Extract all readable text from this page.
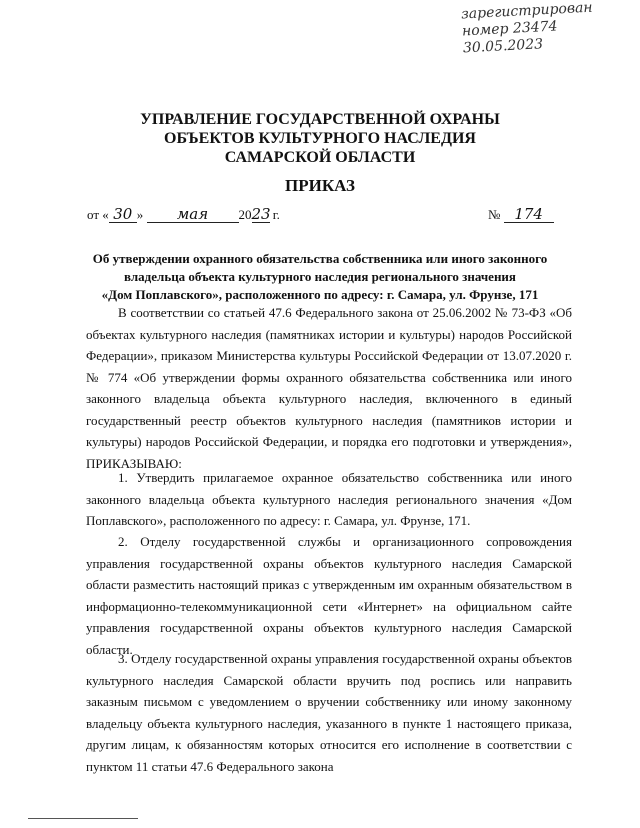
зарегистрирован
номер 23474
30.05.2023
УПРАВЛЕНИЕ ГОСУДАРСТВЕННОЙ ОХРАНЫ
ОБЪЕКТОВ КУЛЬТУРНОГО НАСЛЕДИЯ
САМАРСКОЙ ОБЛАСТИ
ПРИКАЗ
от « 30 » мая 2023 г.	№ 174
Об утверждении охранного обязательства собственника или иного законного
владельца объекта культурного наследия регионального значения
«Дом Поплавского», расположенного по адресу: г. Самара, ул. Фрунзе, 171

В соответствии со статьей 47.6 Федерального закона от 25.06.2002 № 73-ФЗ «Об объектах культурного наследия (памятниках истории и культуры) народов Российской Федерации», приказом Министерства культуры Российской Федерации от 13.07.2020 г. № 774 «Об утверждении формы охранного обязательства собственника или иного законного владельца объекта культурного наследия, включенного в единый государственный реестр объектов культурного наследия (памятников истории и культуры) народов Российской Федерации, и порядка его подготовки и утверждения», ПРИКАЗЫВАЮ:

1. Утвердить прилагаемое охранное обязательство собственника или иного законного владельца объекта культурного наследия регионального значения «Дом Поплавского», расположенного по адресу: г. Самара, ул. Фрунзе, 171.

2. Отделу государственной службы и организационного сопровождения управления государственной охраны объектов культурного наследия Самарской области разместить настоящий приказ с утвержденным им охранным обязательством в информационно-телекоммуникационной сети «Интернет» на официальном сайте управления государственной охраны объектов культурного наследия Самарской области.

3. Отделу государственной охраны управления государственной охраны объектов культурного наследия Самарской области вручить под роспись или направить заказным письмом с уведомлением о вручении собственнику или иному законному владельцу объекта культурного наследия, указанного в пункте 1 настоящего приказа, другим лицам, к обязанностям которых относится его исполнение в соответствии с пунктом 11 статьи 47.6 Федерального закона
